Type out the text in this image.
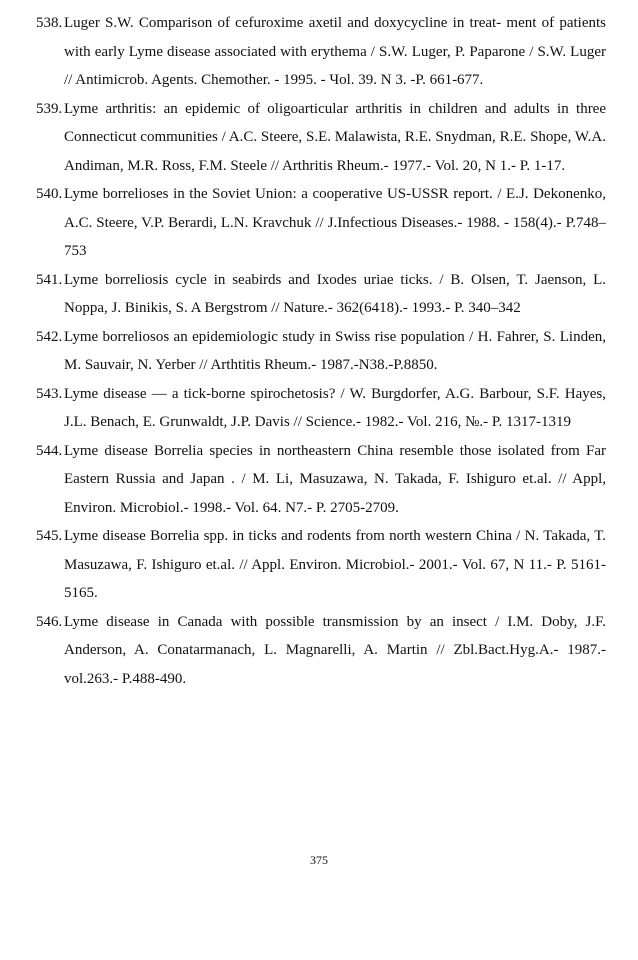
538. Luger S.W. Comparison of cefuroxime axetil and doxycycline in treat- ment of patients with early Lyme disease associated with erythema / S.W. Luger, P. Paparone / S.W. Luger // Antimicrob. Agents. Chemother. - 1995. - Чol. 39. N 3. -P. 661-677.
539. Lyme arthritis: an epidemic of oligoarticular arthritis in children and adults in three Connecticut communities / A.C. Steere, S.E. Malawista, R.E. Snydman, R.E. Shope, W.A. Andiman, M.R. Ross, F.M. Steele // Arthritis Rheum.- 1977.- Vol. 20, N 1.- P. 1-17.
540. Lyme borrelioses in the Soviet Union: a cooperative US-USSR report. / E.J. Dekonenko, A.C. Steere, V.P. Berardi, L.N. Kravchuk // J.Infectious Diseases.- 1988. - 158(4).- P.748–753
541. Lyme borreliosis cycle in seabirds and Ixodes uriae ticks. / B. Olsen, T. Jaenson, L. Noppa, J. Binikis, S. A Bergstrom // Nature.- 362(6418).- 1993.- P. 340–342
542. Lyme borreliosos an epidemiologic study in Swiss rise population / H. Fahrer, S. Linden, M. Sauvair, N. Yerber // Arthtitis Rheum.- 1987.-N38.-P.8850.
543. Lyme disease — a tick-borne spirochetosis? / W. Burgdorfer, A.G. Barbour, S.F. Hayes, J.L. Benach, E. Grunwaldt, J.P. Davis // Science.- 1982.- Vol. 216, №.- P. 1317-1319
544. Lyme disease Borrelia species in northeastern China resemble those isolated from Far Eastern Russia and Japan . / M. Li, Masuzawa, N. Takada, F. Ishiguro et.al. // Appl, Environ. Microbiol.- 1998.- Vol. 64. N7.- P. 2705-2709.
545. Lyme disease Borrelia spp. in ticks and rodents from north western China / N. Takada, T. Masuzawa, F. Ishiguro et.al. // Appl. Environ. Microbiol.- 2001.- Vol. 67, N 11.- P. 5161-5165.
546. Lyme disease in Canada with possible transmission by an insect / I.M. Doby, J.F. Anderson, A. Conatarmanach, L. Magnarelli, A. Martin // Zbl.Bact.Hyg.A.- 1987.- vol.263.- P.488-490.
375
